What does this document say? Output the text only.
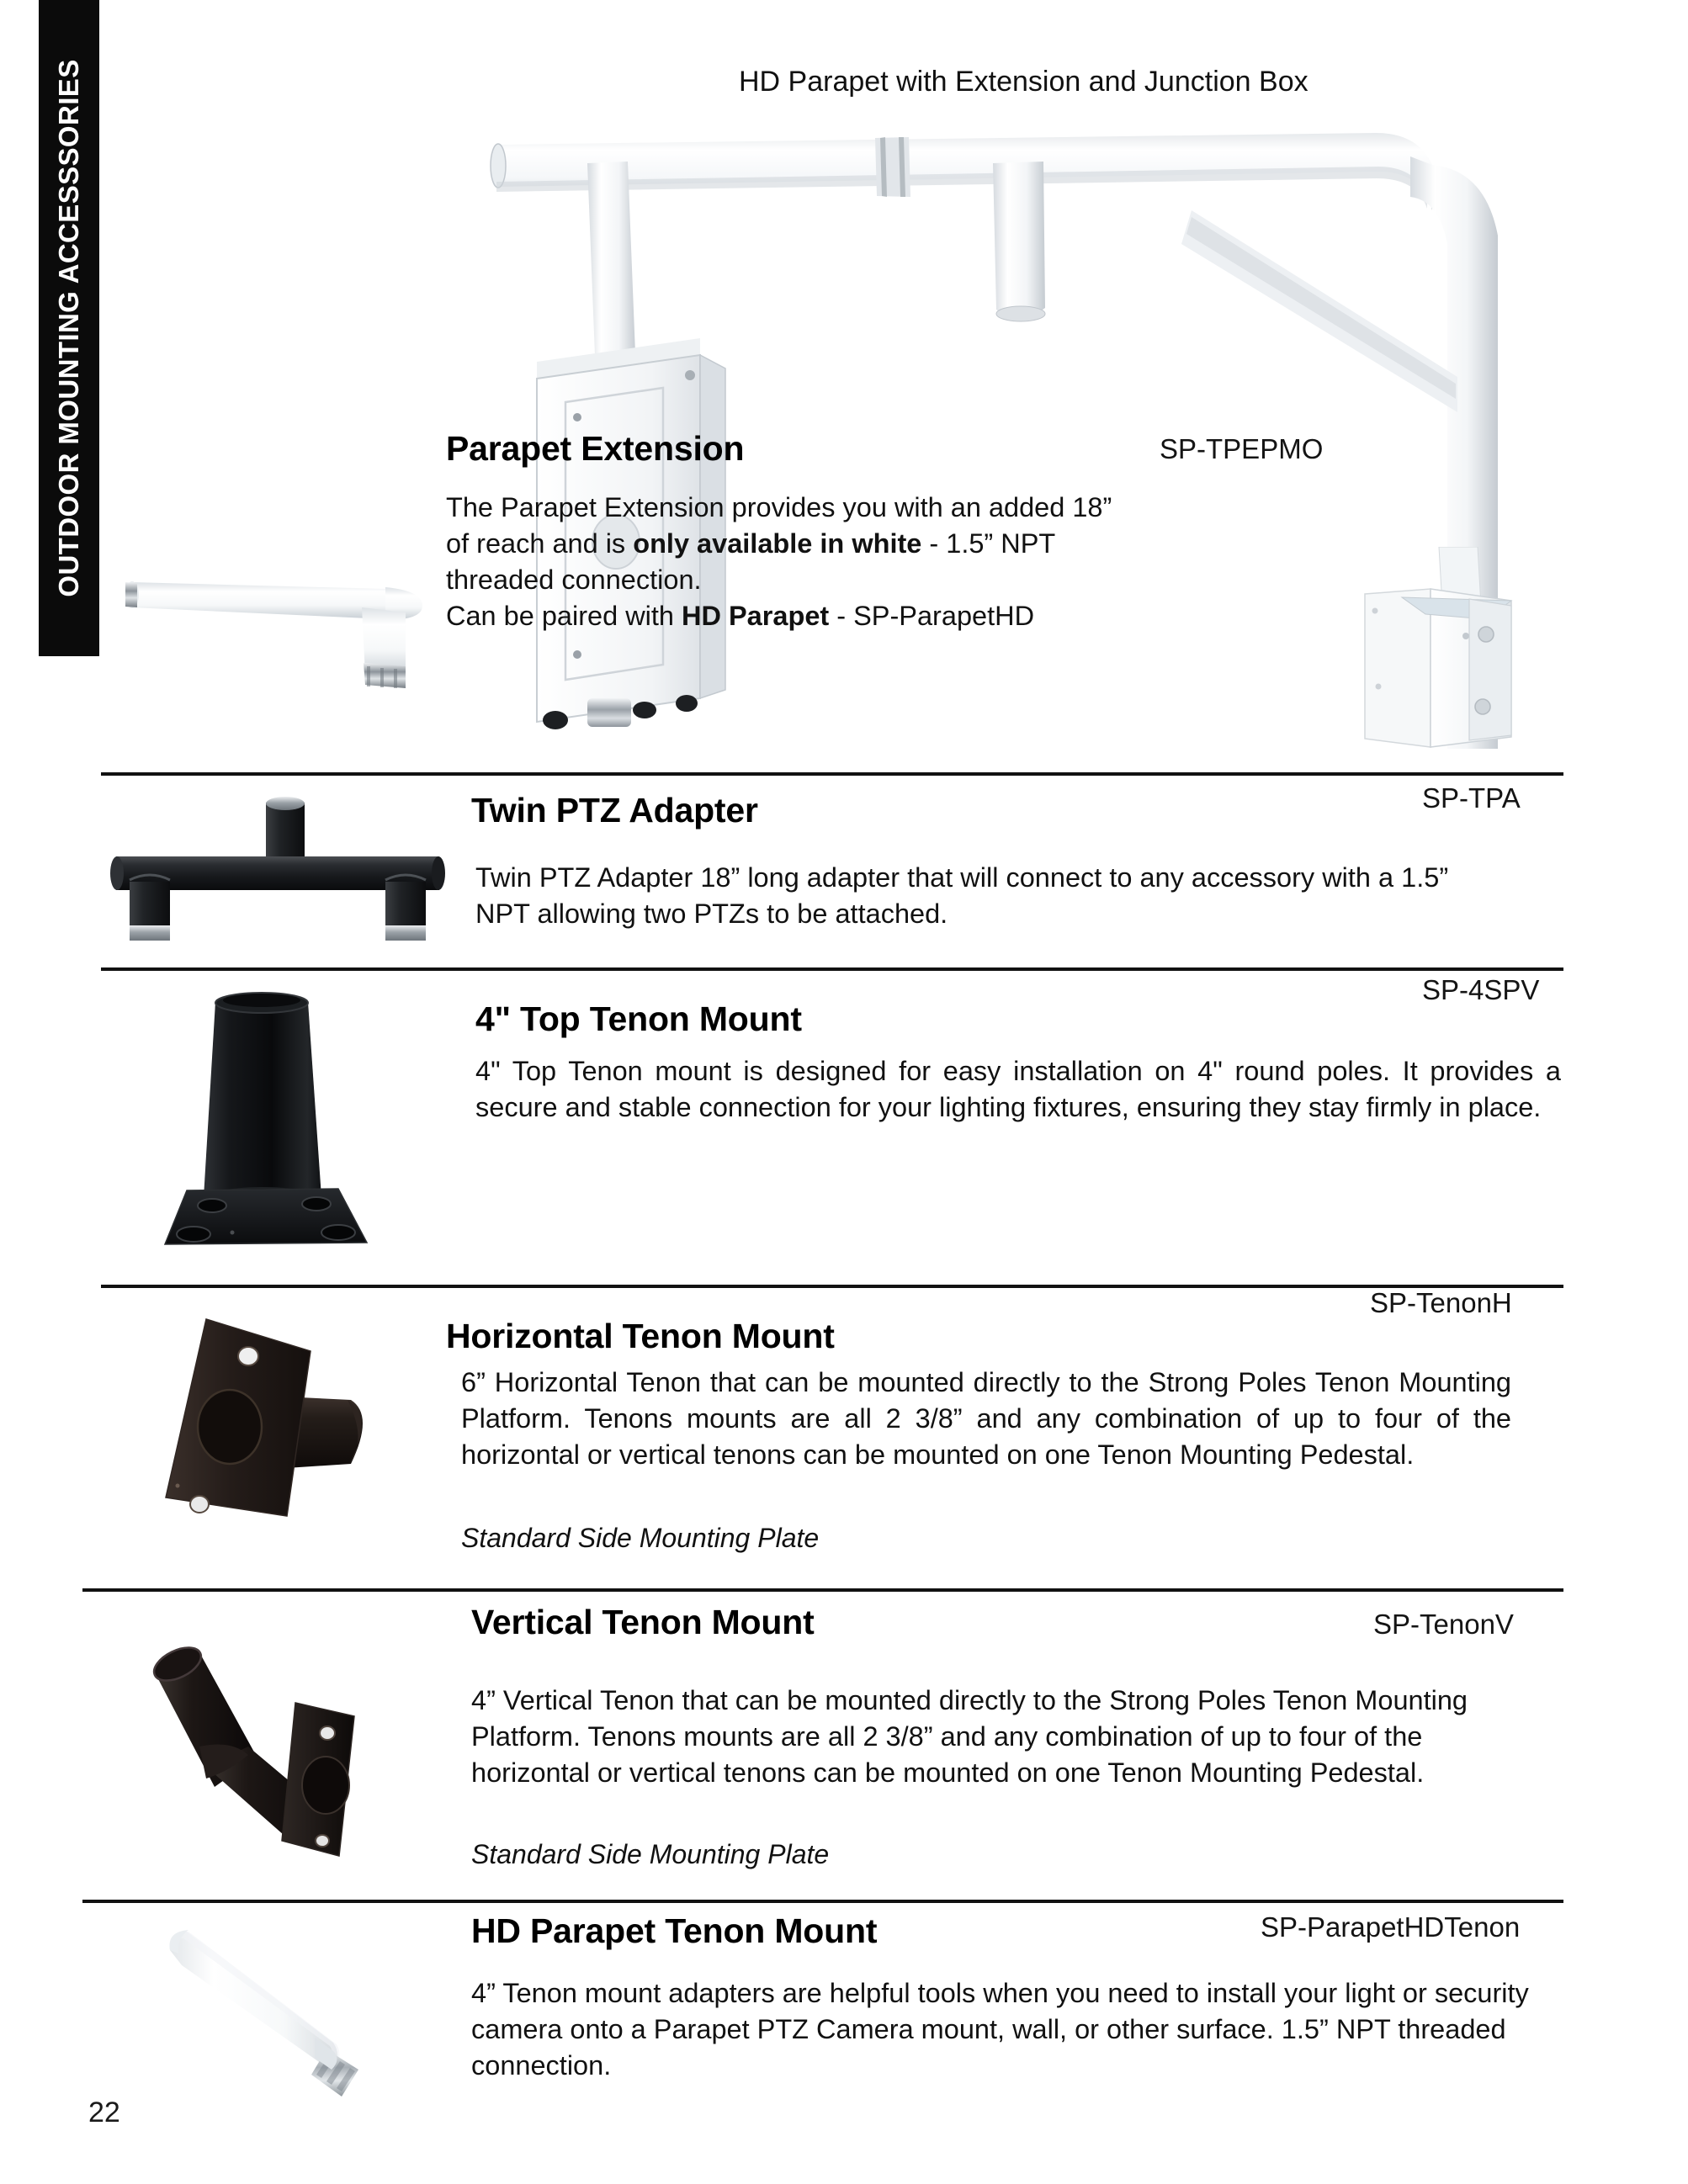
OUTDOOR MOUNTING ACCESSSORIES	HD Parapet with Extension and Junction Box
Parapet Extension	SP-TPEPMO
The Parapet Extension provides you with an added 18”
of reach and is only available in white - 1.5” NPT
threaded connection.
Can be paired with HD Parapet - SP-ParapetHD
Twin PTZ Adapter	SP-TPA
Twin PTZ Adapter 18” long adapter that will connect to any accessory with a 1.5” NPT allowing two PTZs to be attached.
4" Top Tenon Mount
SP-4SPV
4" Top Tenon mount is designed for easy installation on 4" round poles. It provides a secure and stable connection for your lighting fixtures, ensuring they stay firmly in place.
Horizontal Tenon Mount
SP-TenonH
6” Horizontal Tenon that can be mounted directly to the Strong Poles Tenon Mounting Platform. Tenons mounts are all 2 3/8” and any combination of up to four of the horizontal or vertical tenons can be mounted on one Tenon Mounting Pedestal.
Standard Side Mounting Plate
Vertical Tenon Mount	SP-TenonV
4” Vertical Tenon that can be mounted directly to the Strong Poles Tenon Mounting Platform. Tenons mounts are all 2 3/8” and any combination of up to four of the horizontal or vertical tenons can be mounted on one Tenon Mounting Pedestal.
Standard Side Mounting Plate
HD Parapet Tenon Mount	SP-ParapetHDTenon
4” Tenon mount adapters are helpful tools when you need to install your light or security camera onto a Parapet PTZ Camera mount, wall, or other surface. 1.5” NPT threaded connection.
22
